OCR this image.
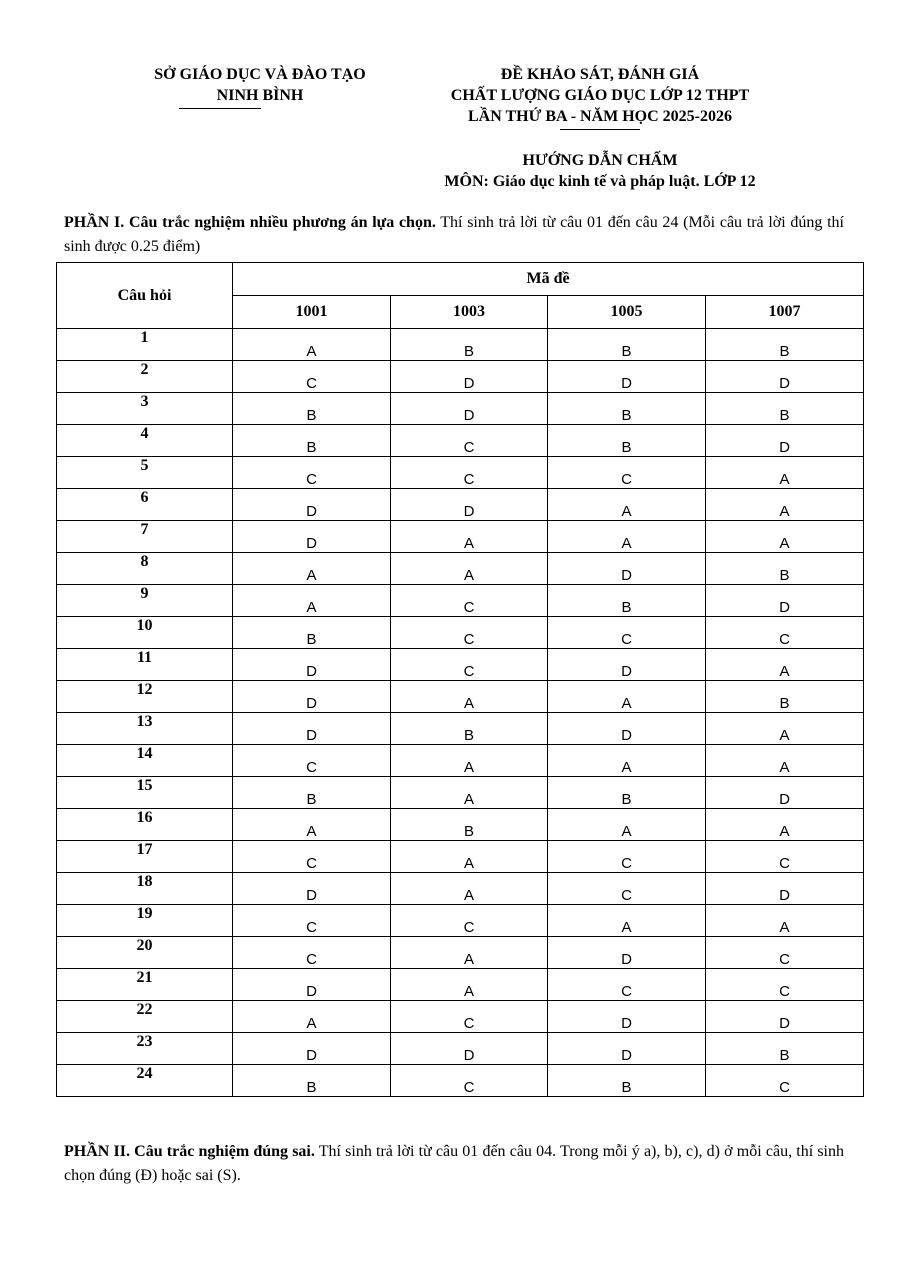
SỞ GIÁO DỤC VÀ ĐÀO TẠO
NINH BÌNH
ĐỀ KHẢO SÁT, ĐÁNH GIÁ
CHẤT LƯỢNG GIÁO DỤC LỚP 12 THPT
LẦN THỨ BA - NĂM HỌC 2025-2026
HƯỚNG DẪN CHẤM
MÔN: Giáo dục kinh tế và pháp luật. LỚP 12
PHẦN I. Câu trắc nghiệm nhiều phương án lựa chọn. Thí sinh trả lời từ câu 01 đến câu 24 (Mỗi câu trả lời đúng thí sinh được 0.25 điểm)
Câu hỏi	Mã đề			
	1001	1003	1005	1007
1	A	B	B	B
2	C	D	D	D
3	B	D	B	B
4	B	C	B	D
5	C	C	C	A
6	D	D	A	A
7	D	A	A	A
8	A	A	D	B
9	A	C	B	D
10	B	C	C	C
11	D	C	D	A
12	D	A	A	B
13	D	B	D	A
14	C	A	A	A
15	B	A	B	D
16	A	B	A	A
17	C	A	C	C
18	D	A	C	D
19	C	C	A	A
20	C	A	D	C
21	D	A	C	C
22	A	C	D	D
23	D	D	D	B
24	B	C	B	C
PHẦN II. Câu trắc nghiệm đúng sai. Thí sinh trả lời từ câu 01 đến câu 04. Trong mỗi ý a), b), c), d) ở mỗi câu, thí sinh chọn đúng (Đ) hoặc sai (S).
